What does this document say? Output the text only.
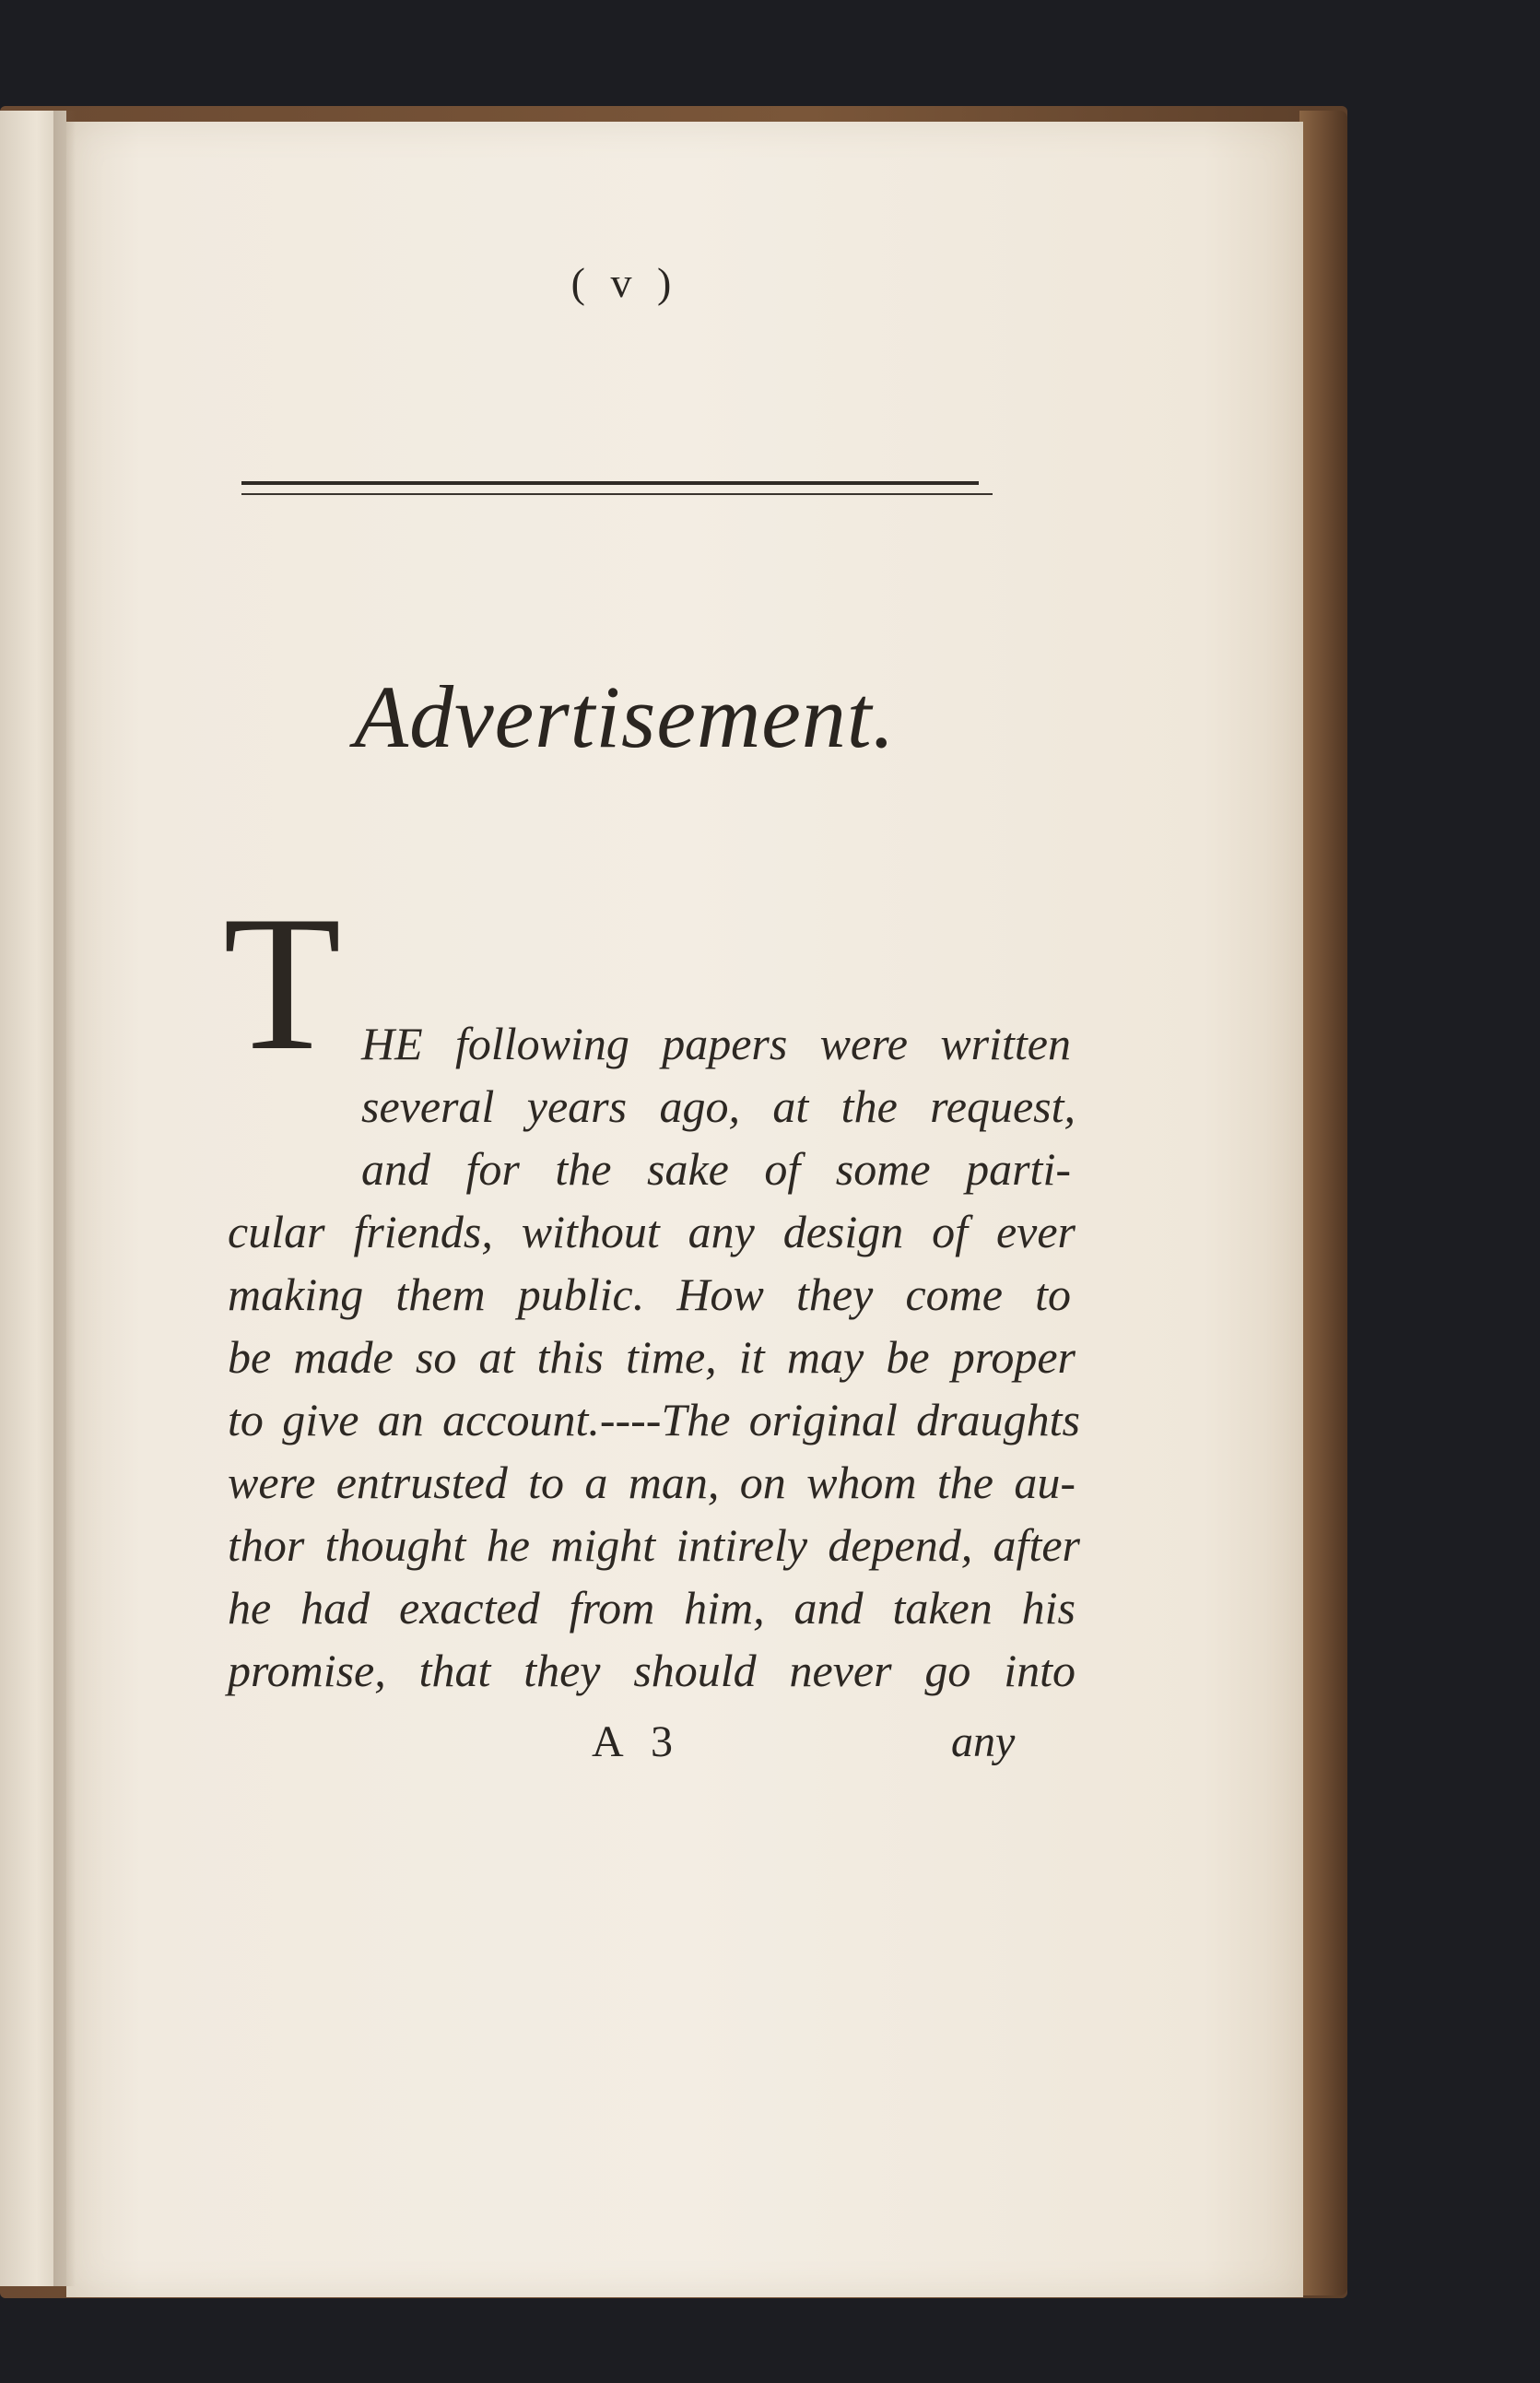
( v )
Advertisement.
T HE following papers were written
several years ago, at the request,
and for the sake of some parti-
cular friends, without any design of ever
making them public. How they come to
be made so at this time, it may be proper
to give an account.----The original draughts
were entrusted to a man, on whom the au-
thor thought he might intirely depend, after
he had exacted from him, and taken his
promise, that they should never go into
A 3	any
